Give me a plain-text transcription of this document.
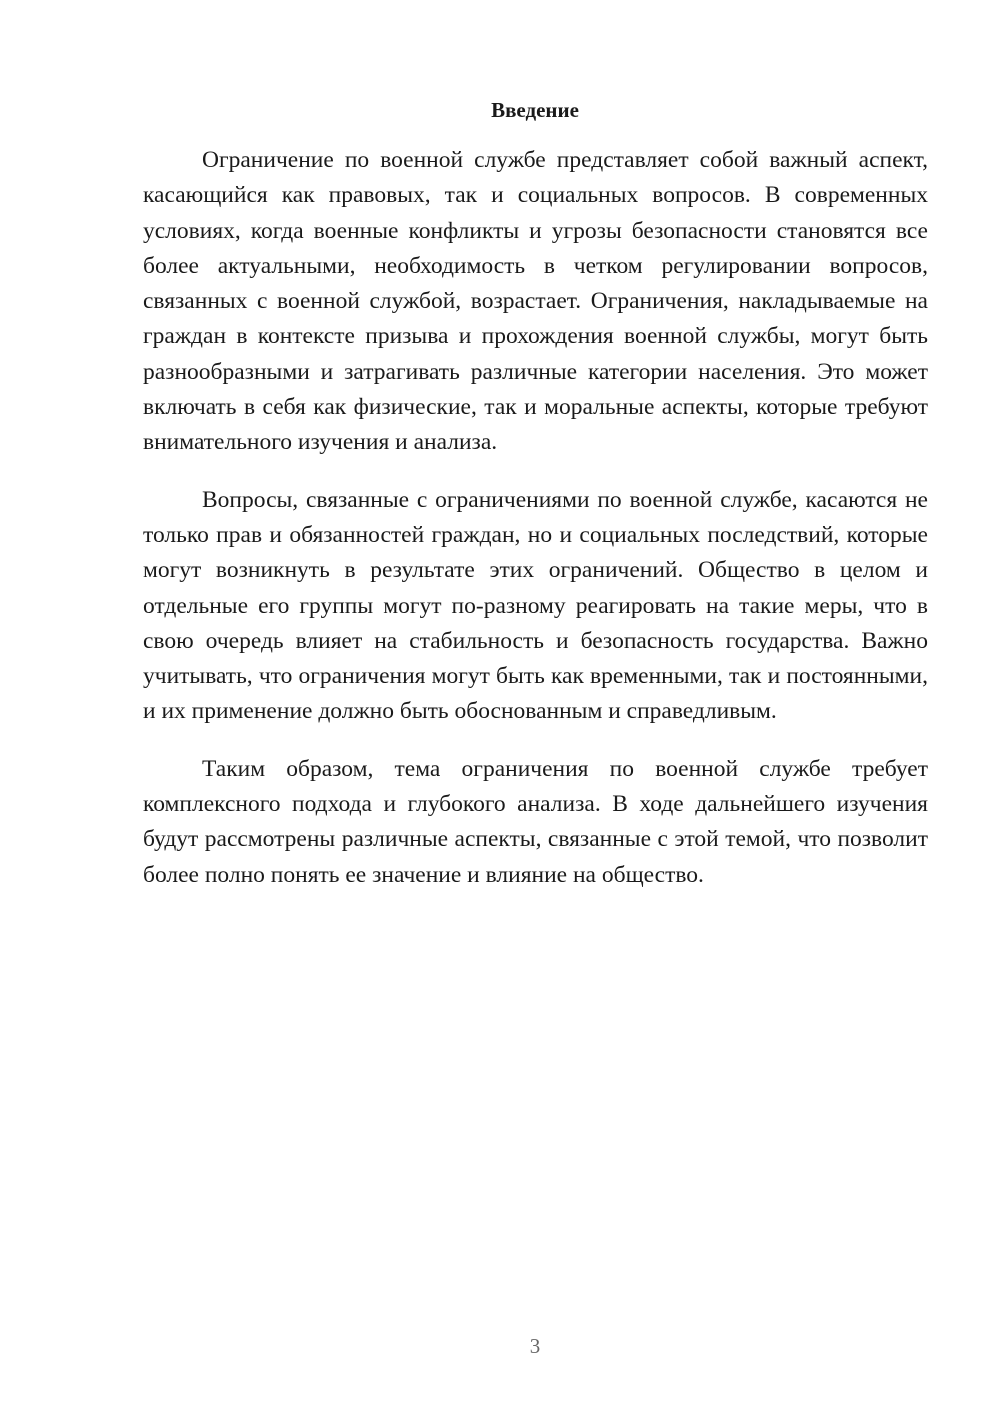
Введение

Ограничение по военной службе представляет собой важный аспект, касающийся как правовых, так и социальных вопросов. В современных условиях, когда военные конфликты и угрозы безопасности становятся все более актуальными, необходимость в четком регулировании вопросов, связанных с военной службой, возрастает. Ограничения, накладываемые на граждан в контексте призыва и прохождения военной службы, могут быть разнообразными и затрагивать различные категории населения. Это может включать в себя как физические, так и моральные аспекты, которые требуют внимательного изучения и анализа.

Вопросы, связанные с ограничениями по военной службе, касаются не только прав и обязанностей граждан, но и социальных последствий, которые могут возникнуть в результате этих ограничений. Общество в целом и отдельные его группы могут по-разному реагировать на такие меры, что в свою очередь влияет на стабильность и безопасность государства. Важно учитывать, что ограничения могут быть как временными, так и постоянными, и их применение должно быть обоснованным и справедливым.

Таким образом, тема ограничения по военной службе требует комплексного подхода и глубокого анализа. В ходе дальнейшего изучения будут рассмотрены различные аспекты, связанные с этой темой, что позволит более полно понять ее значение и влияние на общество.

3
